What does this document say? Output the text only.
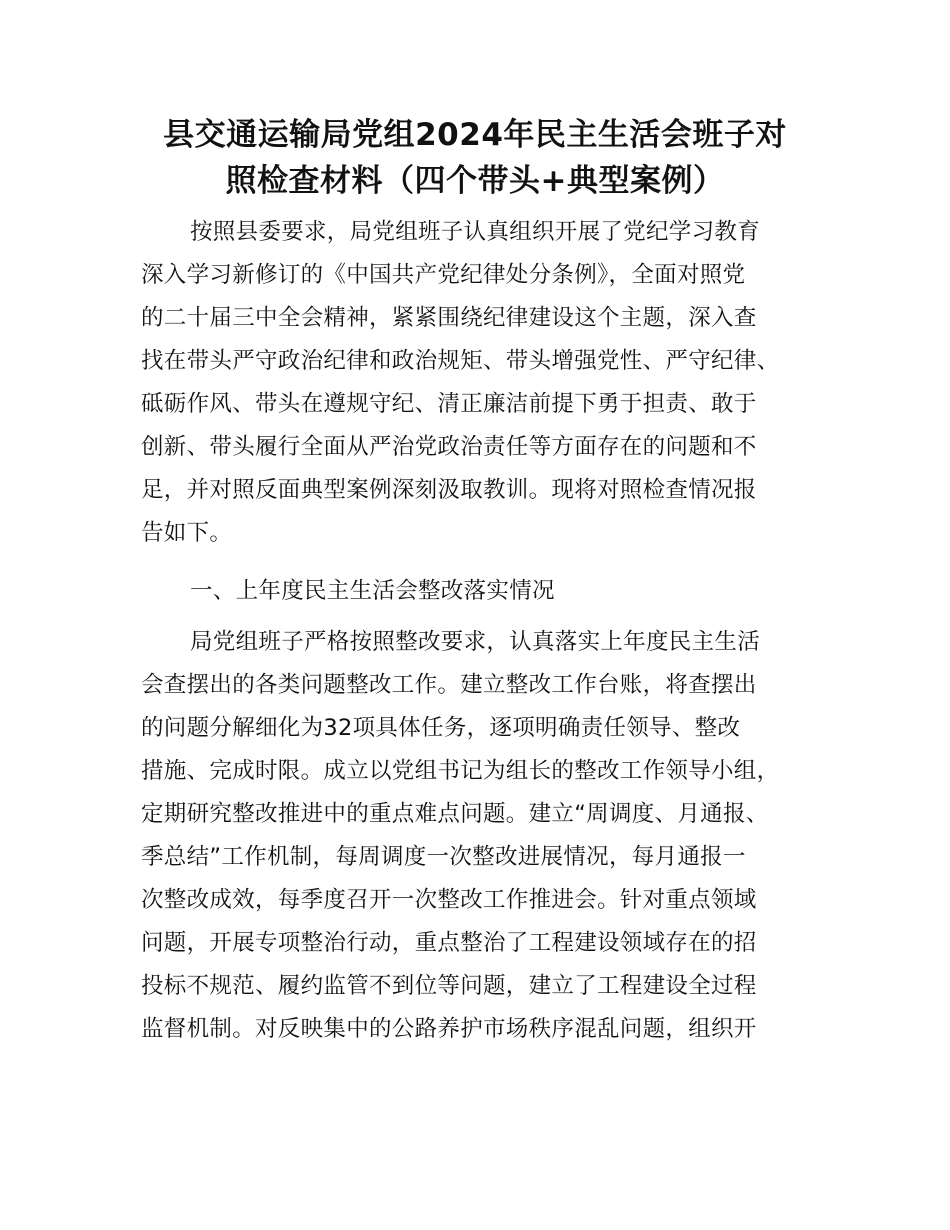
县交通运输局党组2024年民主生活会班子对
照检查材料（四个带头+典型案例）

按照县委要求，局党组班子认真组织开展了党纪学习教育
深入学习新修订的《中国共产党纪律处分条例》，全面对照党
的二十届三中全会精神，紧紧围绕纪律建设这个主题，深入查
找在带头严守政治纪律和政治规矩、带头增强党性、严守纪律、
砥砺作风、带头在遵规守纪、清正廉洁前提下勇于担责、敢于
创新、带头履行全面从严治党政治责任等方面存在的问题和不
足，并对照反面典型案例深刻汲取教训。现将对照检查情况报
告如下。

一、上年度民主生活会整改落实情况

局党组班子严格按照整改要求，认真落实上年度民主生活
会查摆出的各类问题整改工作。建立整改工作台账，将查摆出
的问题分解细化为32项具体任务，逐项明确责任领导、整改
措施、完成时限。成立以党组书记为组长的整改工作领导小组，
定期研究整改推进中的重点难点问题。建立“周调度、月通报、
季总结”工作机制，每周调度一次整改进展情况，每月通报一
次整改成效，每季度召开一次整改工作推进会。针对重点领域
问题，开展专项整治行动，重点整治了工程建设领域存在的招
投标不规范、履约监管不到位等问题，建立了工程建设全过程
监督机制。对反映集中的公路养护市场秩序混乱问题，组织开
